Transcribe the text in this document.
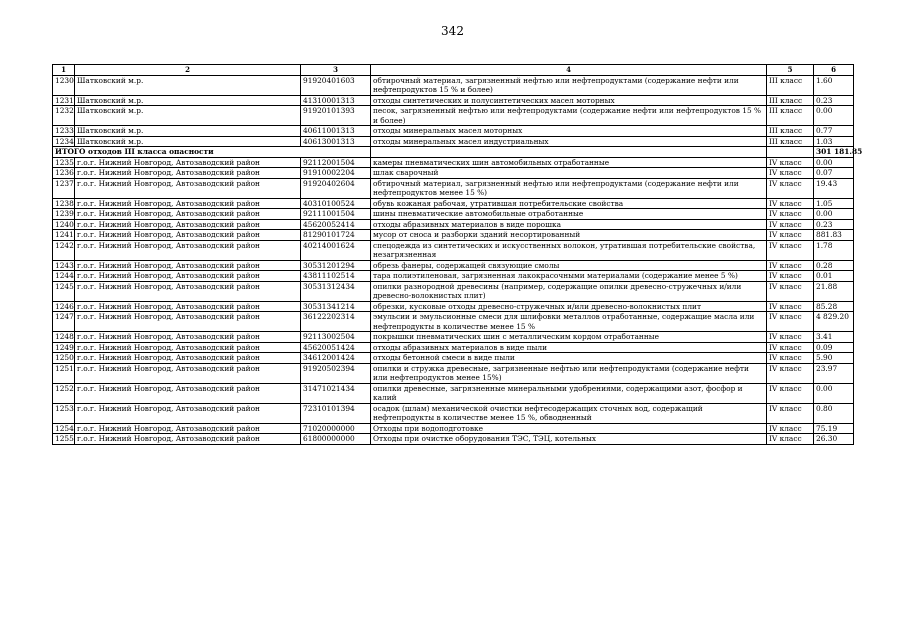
342
1	2	3	4	5	6
1230	Шатковский м.р.	91920401603	обтирочный материал, загрязненный нефтью или нефтепродуктами (содержание нефти или нефтепродуктов 15 % и более)	III класс	1.60
1231	Шатковский м.р.	41310001313	отходы синтетических и полусинтетических масел моторных	III класс	0.23
1232	Шатковский м.р.	91920101393	песок, загрязненный нефтью или нефтепродуктами (содержание нефти или нефтепродуктов 15 % и более)	III класс	0.00
1233	Шатковский м.р.	40611001313	отходы минеральных масел моторных	III класс	0.77
1234	Шатковский м.р.	40613001313	отходы минеральных масел индустриальных	III класс	1.03
ИТОГО отходов III класса опасности					301 181.85
1235	г.о.г. Нижний Новгород, Автозаводский район	92112001504	камеры пневматических шин автомобильных отработанные	IV класс	0.00
1236	г.о.г. Нижний Новгород, Автозаводский район	91910002204	шлак сварочный	IV класс	0.07
1237	г.о.г. Нижний Новгород, Автозаводский район	91920402604	обтирочный материал, загрязненный нефтью или нефтепродуктами (содержание нефти или нефтепродуктов менее 15 %)	IV класс	19.43
1238	г.о.г. Нижний Новгород, Автозаводский район	40310100524	обувь кожаная рабочая, утратившая потребительские свойства	IV класс	1.05
1239	г.о.г. Нижний Новгород, Автозаводский район	92111001504	шины пневматические автомобильные отработанные	IV класс	0.00
1240	г.о.г. Нижний Новгород, Автозаводский район	45620052414	отходы абразивных материалов в виде порошка	IV класс	0.23
1241	г.о.г. Нижний Новгород, Автозаводский район	81290101724	мусор от сноса и разборки зданий несортированный	IV класс	881.83
1242	г.о.г. Нижний Новгород, Автозаводский район	40214001624	спецодежда из синтетических и искусственных волокон, утратившая потребительские свойства, незагрязненная	IV класс	1.78
1243	г.о.г. Нижний Новгород, Автозаводский район	30531201294	обрезь фанеры, содержащей связующие смолы	IV класс	0.28
1244	г.о.г. Нижний Новгород, Автозаводский район	43811102514	тара полиэтиленовая, загрязненная лакокрасочными материалами (содержание менее 5 %)	IV класс	0.01
1245	г.о.г. Нижний Новгород, Автозаводский район	30531312434	опилки разнородной древесины (например, содержащие опилки древесно-стружечных и/или древесно-волокнистых плит)	IV класс	21.88
1246	г.о.г. Нижний Новгород, Автозаводский район	30531341214	обрезки, кусковые отходы древесно-стружечных и/или древесно-волокнистых плит	IV класс	85.28
1247	г.о.г. Нижний Новгород, Автозаводский район	36122202314	эмульсии и эмульсионные смеси для шлифовки металлов отработанные, содержащие масла или нефтепродукты в количестве менее 15 %	IV класс	4 829.20
1248	г.о.г. Нижний Новгород, Автозаводский район	92113002504	покрышки пневматических шин с металлическим кордом отработанные	IV класс	3.41
1249	г.о.г. Нижний Новгород, Автозаводский район	45620051424	отходы абразивных материалов в виде пыли	IV класс	0.09
1250	г.о.г. Нижний Новгород, Автозаводский район	34612001424	отходы бетонной смеси в виде пыли	IV класс	5.90
1251	г.о.г. Нижний Новгород, Автозаводский район	91920502394	опилки и стружка древесные, загрязненные нефтью или нефтепродуктами (содержание нефти или нефтепродуктов менее 15%)	IV класс	23.97
1252	г.о.г. Нижний Новгород, Автозаводский район	31471021434	опилки древесные, загрязненные минеральными удобрениями, содержащими азот, фосфор и калий	IV класс	0.00
1253	г.о.г. Нижний Новгород, Автозаводский район	72310101394	осадок (шлам) механической очистки нефтесодержащих сточных вод, содержащий нефтепродукты в количестве менее 15 %, обводненный	IV класс	0.80
1254	г.о.г. Нижний Новгород, Автозаводский район	71020000000	Отходы при водоподготовке	IV класс	75.19
1255	г.о.г. Нижний Новгород, Автозаводский район	61800000000	Отходы при очистке оборудования ТЭС, ТЭЦ, котельных	IV класс	26.30
